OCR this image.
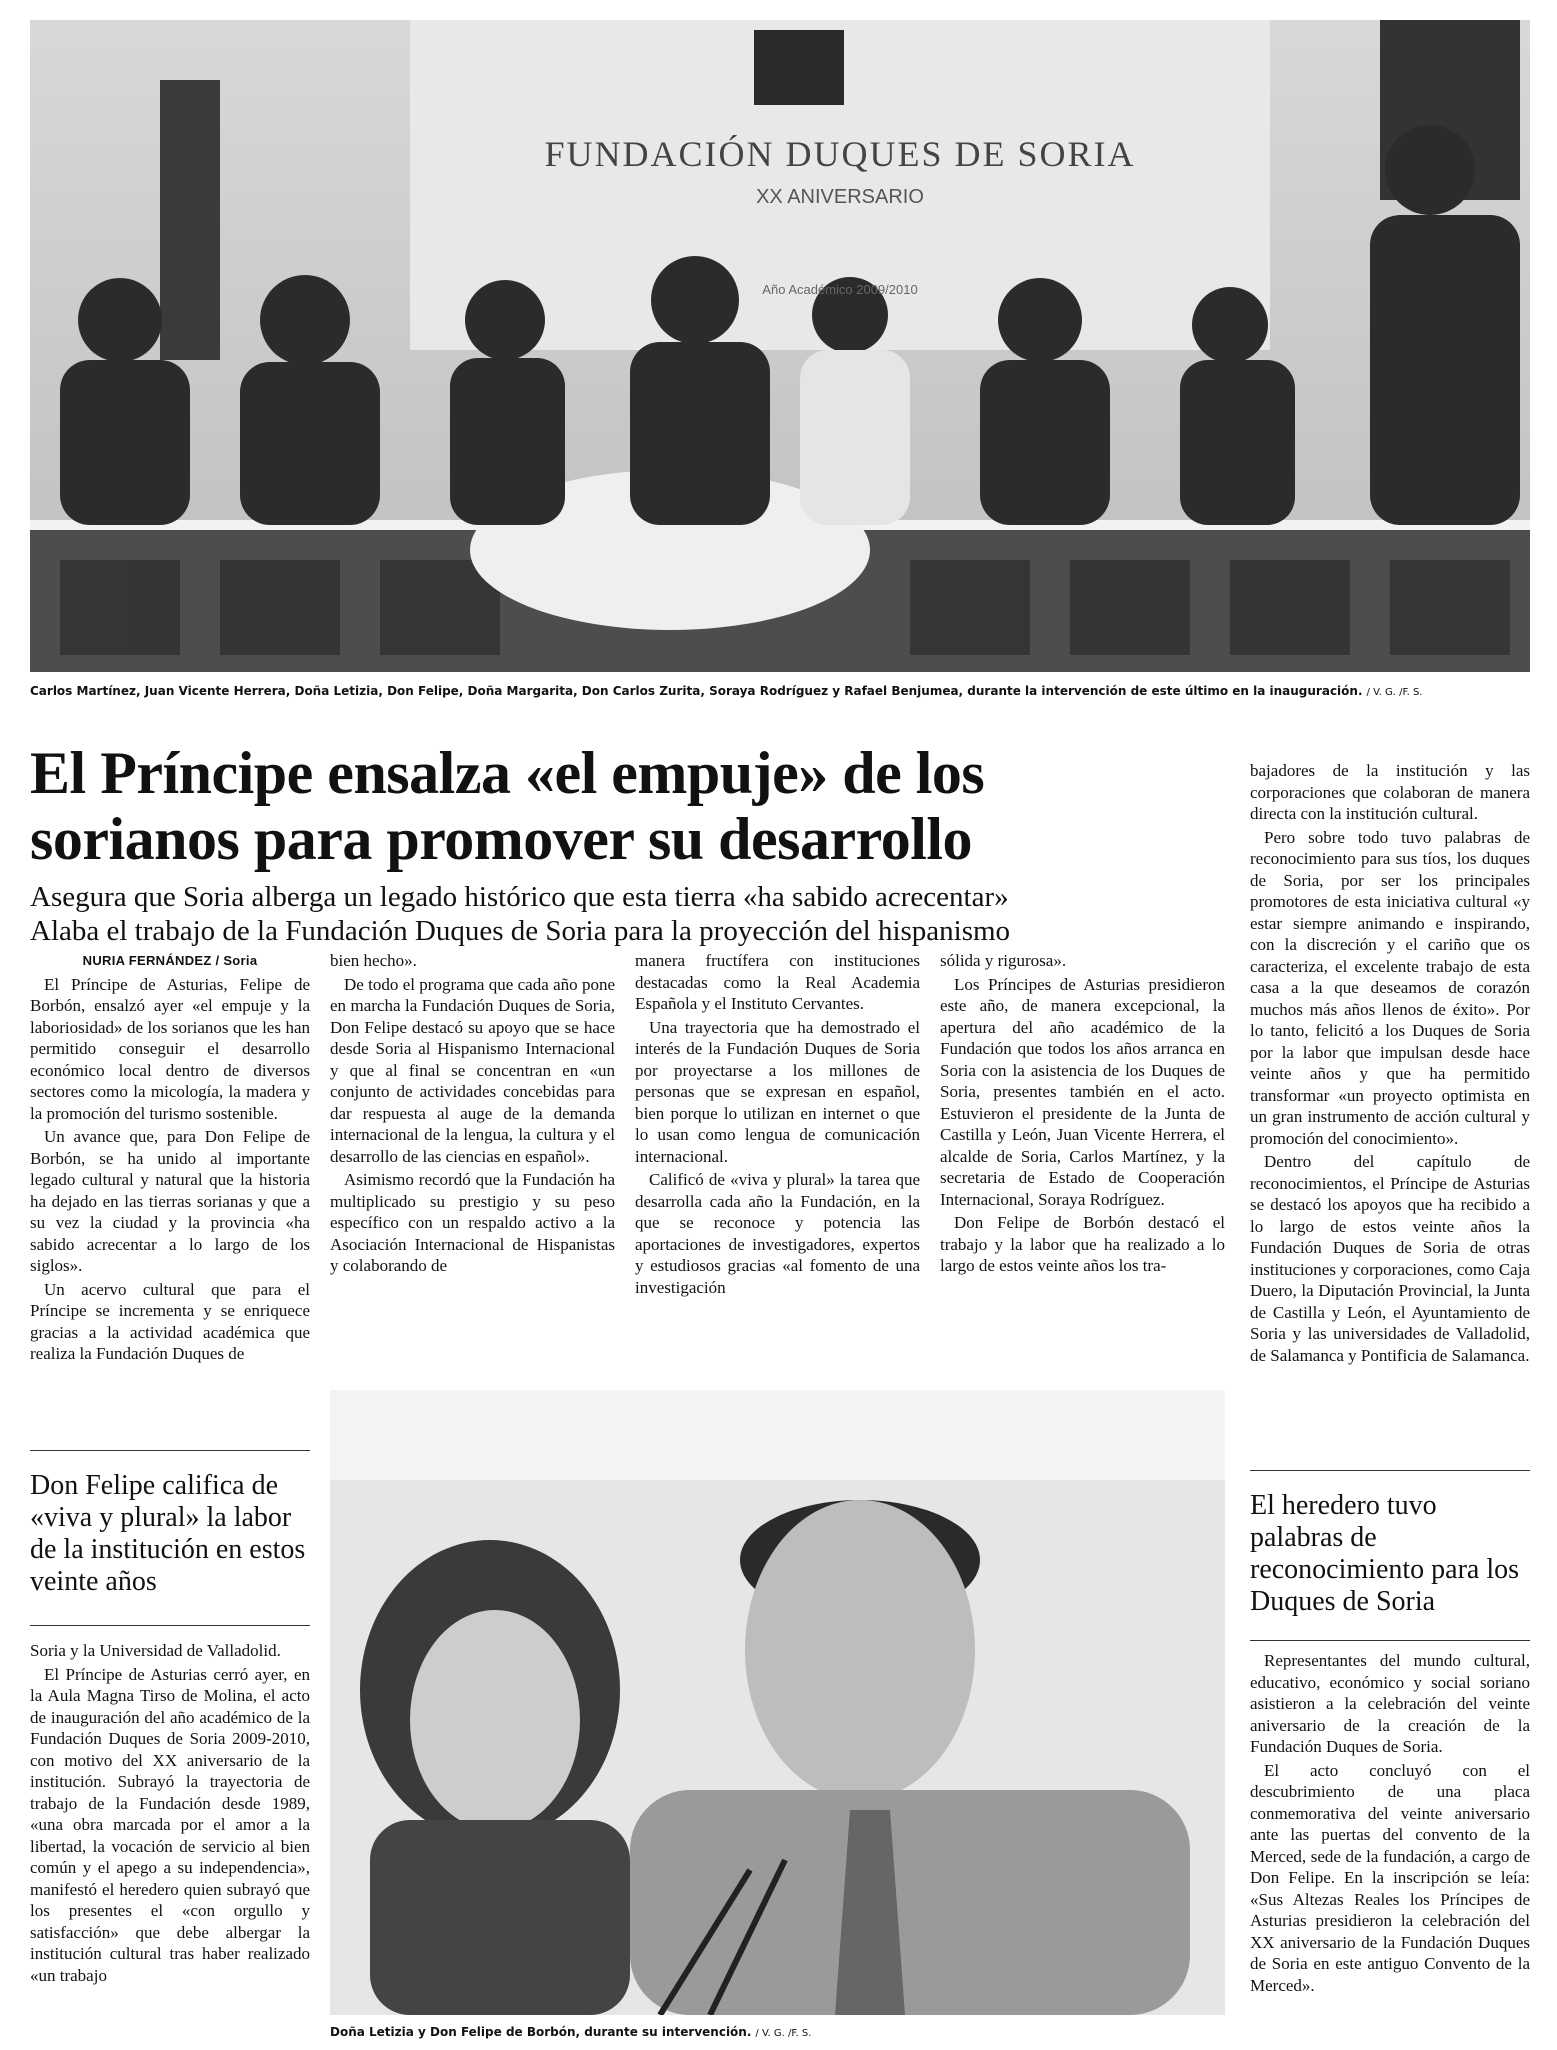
FUNDACIÓN DUQUES DE SORIA
XX ANIVERSARIO
Año Académico 2009/2010
Carlos Martínez, Juan Vicente Herrera, Doña Letizia, Don Felipe, Doña Margarita, Don Carlos Zurita, Soraya Rodríguez y Rafael Benjumea, durante la intervención de este último en la inauguración. / V. G. /F. S.
El Príncipe ensalza «el empuje» de los
sorianos para promover su desarrollo

Asegura que Soria alberga un legado histórico que esta tierra «ha sabido acrecentar»

Alaba el trabajo de la Fundación Duques de Soria para la proyección del hispanismo

NURIA FERNÁNDEZ / Soria

El Príncipe de Asturias, Felipe de Borbón, ensalzó ayer «el empuje y la laboriosidad» de los sorianos que les han permitido conseguir el desarrollo económico local dentro de diversos sectores como la micología, la madera y la promoción del turismo sostenible.

Un avance que, para Don Felipe de Borbón, se ha unido al importante legado cultural y natural que la historia ha dejado en las tierras sorianas y que a su vez la ciudad y la provincia «ha sabido acrecentar a lo largo de los siglos».

Un acervo cultural que para el Príncipe se incrementa y se enriquece gracias a la actividad académica que realiza la Fundación Duques de

bien hecho».

De todo el programa que cada año pone en marcha la Fundación Duques de Soria, Don Felipe destacó su apoyo que se hace desde Soria al Hispanismo Internacional y que al final se concentran en «un conjunto de actividades concebidas para dar respuesta al auge de la demanda internacional de la lengua, la cultura y el desarrollo de las ciencias en español».

Asimismo recordó que la Fundación ha multiplicado su prestigio y su peso específico con un respaldo activo a la Asociación Internacional de Hispanistas y colaborando de

manera fructífera con instituciones destacadas como la Real Academia Española y el Instituto Cervantes.

Una trayectoria que ha demostrado el interés de la Fundación Duques de Soria por proyectarse a los millones de personas que se expresan en español, bien porque lo utilizan en internet o que lo usan como lengua de comunicación internacional.

Calificó de «viva y plural» la tarea que desarrolla cada año la Fundación, en la que se reconoce y potencia las aportaciones de investigadores, expertos y estudiosos gracias «al fomento de una investigación

sólida y rigurosa».

Los Príncipes de Asturias presidieron este año, de manera excepcional, la apertura del año académico de la Fundación que todos los años arranca en Soria con la asistencia de los Duques de Soria, presentes también en el acto. Estuvieron el presidente de la Junta de Castilla y León, Juan Vicente Herrera, el alcalde de Soria, Carlos Martínez, y la secretaria de Estado de Cooperación Internacional, Soraya Rodríguez.

Don Felipe de Borbón destacó el trabajo y la labor que ha realizado a lo largo de estos veinte años los tra-

bajadores de la institución y las corporaciones que colaboran de manera directa con la institución cultural.

Pero sobre todo tuvo palabras de reconocimiento para sus tíos, los duques de Soria, por ser los principales promotores de esta iniciativa cultural «y estar siempre animando e inspirando, con la discreción y el cariño que os caracteriza, el excelente trabajo de esta casa a la que deseamos de corazón muchos más años llenos de éxito». Por lo tanto, felicitó a los Duques de Soria por la labor que impulsan desde hace veinte años y que ha permitido transformar «un proyecto optimista en un gran instrumento de acción cultural y promoción del conocimiento».

Dentro del capítulo de reconocimientos, el Príncipe de Asturias se destacó los apoyos que ha recibido a lo largo de estos veinte años la Fundación Duques de Soria de otras instituciones y corporaciones, como Caja Duero, la Diputación Provincial, la Junta de Castilla y León, el Ayuntamiento de Soria y las universidades de Valladolid, de Salamanca y Pontificia de Salamanca.

Don Felipe califica de «viva y plural» la labor de la institución en estos veinte años

Soria y la Universidad de Valladolid.

El Príncipe de Asturias cerró ayer, en la Aula Magna Tirso de Molina, el acto de inauguración del año académico de la Fundación Duques de Soria 2009-2010, con motivo del XX aniversario de la institución. Subrayó la trayectoria de trabajo de la Fundación desde 1989, «una obra marcada por el amor a la libertad, la vocación de servicio al bien común y el apego a su independencia», manifestó el heredero quien subrayó que los presentes el «con orgullo y satisfacción» que debe albergar la institución cultural tras haber realizado «un trabajo

Doña Letizia y Don Felipe de Borbón, durante su intervención. / V. G. /F. S.
El heredero tuvo palabras de reconocimiento para los Duques de Soria

Representantes del mundo cultural, educativo, económico y social soriano asistieron a la celebración del veinte aniversario de la creación de la Fundación Duques de Soria.

El acto concluyó con el descubrimiento de una placa conmemorativa del veinte aniversario ante las puertas del convento de la Merced, sede de la fundación, a cargo de Don Felipe. En la inscripción se leía: «Sus Altezas Reales los Príncipes de Asturias presidieron la celebración del XX aniversario de la Fundación Duques de Soria en este antiguo Convento de la Merced».
